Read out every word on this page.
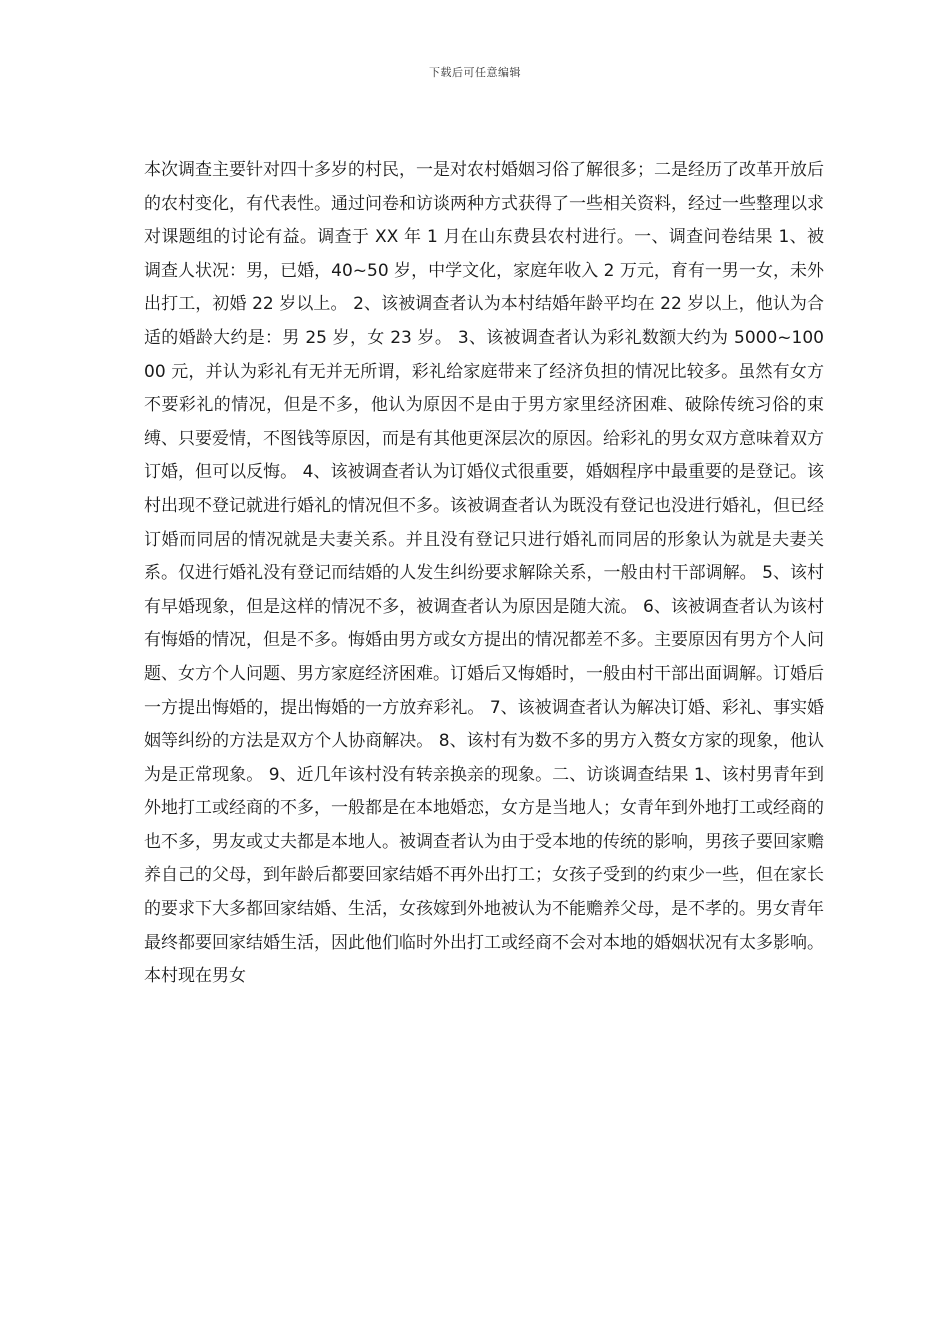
下载后可任意编辑

本次调查主要针对四十多岁的村民，一是对农村婚姻习俗了解很多；二是经历了改革开放后的农村变化，有代表性。通过问卷和访谈两种方式获得了一些相关资料，经过一些整理以求对课题组的讨论有益。调查于 XX 年 1 月在山东费县农村进行。一、调查问卷结果 1、被调查人状况：男，已婚，40~50 岁，中学文化，家庭年收入 2 万元，育有一男一女，未外出打工，初婚 22 岁以上。 2、该被调查者认为本村结婚年龄平均在 22 岁以上，他认为合适的婚龄大约是：男 25 岁，女 23 岁。 3、该被调查者认为彩礼数额大约为 5000~10000 元，并认为彩礼有无并无所谓，彩礼给家庭带来了经济负担的情况比较多。虽然有女方不要彩礼的情况，但是不多，他认为原因不是由于男方家里经济困难、破除传统习俗的束缚、只要爱情，不图钱等原因，而是有其他更深层次的原因。给彩礼的男女双方意味着双方订婚，但可以反悔。 4、该被调查者认为订婚仪式很重要，婚姻程序中最重要的是登记。该村出现不登记就进行婚礼的情况但不多。该被调查者认为既没有登记也没进行婚礼，但已经订婚而同居的情况就是夫妻关系。并且没有登记只进行婚礼而同居的形象认为就是夫妻关系。仅进行婚礼没有登记而结婚的人发生纠纷要求解除关系，一般由村干部调解。 5、该村有早婚现象，但是这样的情况不多，被调查者认为原因是随大流。 6、该被调查者认为该村有悔婚的情况，但是不多。悔婚由男方或女方提出的情况都差不多。主要原因有男方个人问题、女方个人问题、男方家庭经济困难。订婚后又悔婚时，一般由村干部出面调解。订婚后一方提出悔婚的，提出悔婚的一方放弃彩礼。 7、该被调查者认为解决订婚、彩礼、事实婚姻等纠纷的方法是双方个人协商解决。 8、该村有为数不多的男方入赘女方家的现象，他认为是正常现象。 9、近几年该村没有转亲换亲的现象。二、访谈调查结果 1、该村男青年到外地打工或经商的不多，一般都是在本地婚恋，女方是当地人；女青年到外地打工或经商的也不多，男友或丈夫都是本地人。被调查者认为由于受本地的传统的影响，男孩子要回家赡养自己的父母，到年龄后都要回家结婚不再外出打工；女孩子受到的约束少一些，但在家长的要求下大多都回家结婚、生活，女孩嫁到外地被认为不能赡养父母，是不孝的。男女青年最终都要回家结婚生活，因此他们临时外出打工或经商不会对本地的婚姻状况有太多影响。本村现在男女
